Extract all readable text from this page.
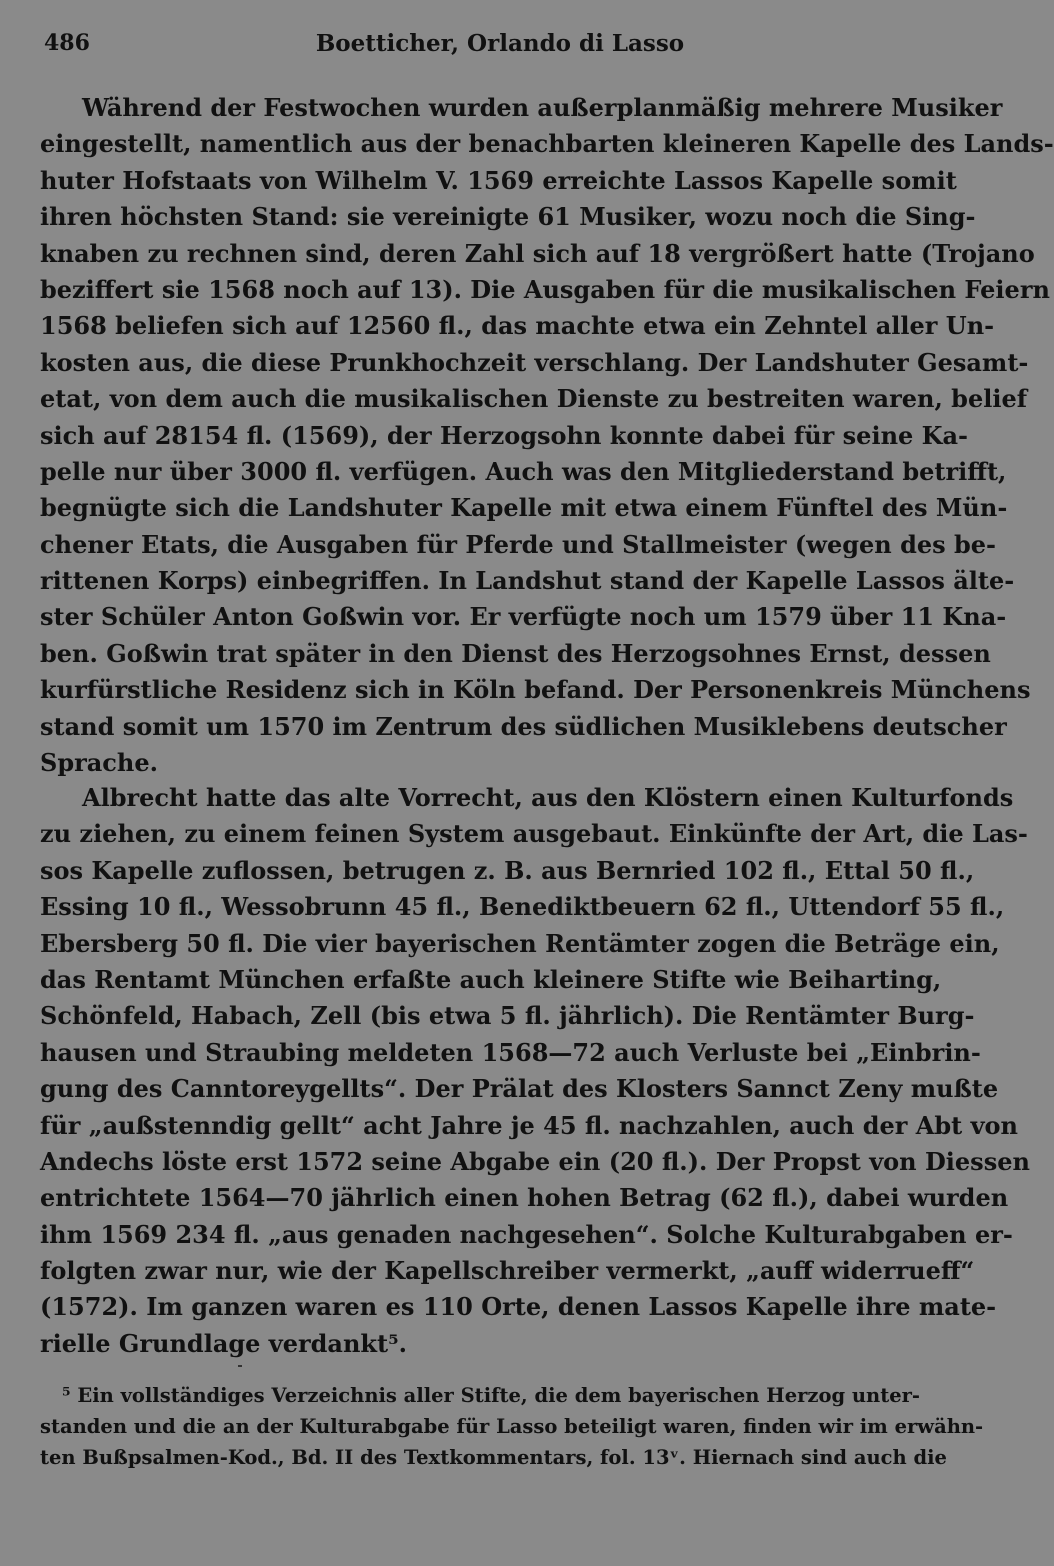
486	Boetticher, Orlando di Lasso
Während der Festwochen wurden außerplanmäßig mehrere Musiker
eingestellt, namentlich aus der benachbarten kleineren Kapelle des Lands-
huter Hofstaats von Wilhelm V. 1569 erreichte Lassos Kapelle somit
ihren höchsten Stand: sie vereinigte 61 Musiker, wozu noch die Sing-
knaben zu rechnen sind, deren Zahl sich auf 18 vergrößert hatte (Trojano
beziffert sie 1568 noch auf 13). Die Ausgaben für die musikalischen Feiern
1568 beliefen sich auf 12560 fl., das machte etwa ein Zehntel aller Un-
kosten aus, die diese Prunkhochzeit verschlang. Der Landshuter Gesamt-
etat, von dem auch die musikalischen Dienste zu bestreiten waren, belief
sich auf 28154 fl. (1569), der Herzogsohn konnte dabei für seine Ka-
pelle nur über 3000 fl. verfügen. Auch was den Mitgliederstand betrifft,
begnügte sich die Landshuter Kapelle mit etwa einem Fünftel des Mün-
chener Etats, die Ausgaben für Pferde und Stallmeister (wegen des be-
rittenen Korps) einbegriffen. In Landshut stand der Kapelle Lassos älte-
ster Schüler Anton Goßwin vor. Er verfügte noch um 1579 über 11 Kna-
ben. Goßwin trat später in den Dienst des Herzogsohnes Ernst, dessen
kurfürstliche Residenz sich in Köln befand. Der Personenkreis Münchens
stand somit um 1570 im Zentrum des südlichen Musiklebens deutscher
Sprache.
Albrecht hatte das alte Vorrecht, aus den Klöstern einen Kulturfonds
zu ziehen, zu einem feinen System ausgebaut. Einkünfte der Art, die Las-
sos Kapelle zuflossen, betrugen z. B. aus Bernried 102 fl., Ettal 50 fl.,
Essing 10 fl., Wessobrunn 45 fl., Benediktbeuern 62 fl., Uttendorf 55 fl.,
Ebersberg 50 fl. Die vier bayerischen Rentämter zogen die Beträge ein,
das Rentamt München erfaßte auch kleinere Stifte wie Beiharting,
Schönfeld, Habach, Zell (bis etwa 5 fl. jährlich). Die Rentämter Burg-
hausen und Straubing meldeten 1568—72 auch Verluste bei „Einbrin-
gung des Canntoreygellts“. Der Prälat des Klosters Sannct Zeny mußte
für „außstenndig gellt“ acht Jahre je 45 fl. nachzahlen, auch der Abt von
Andechs löste erst 1572 seine Abgabe ein (20 fl.). Der Propst von Diessen
entrichtete 1564—70 jährlich einen hohen Betrag (62 fl.), dabei wurden
ihm 1569 234 fl. „aus genaden nachgesehen“. Solche Kulturabgaben er-
folgten zwar nur, wie der Kapellschreiber vermerkt, „auff widerrueff“
(1572). Im ganzen waren es 110 Orte, denen Lassos Kapelle ihre mate-
rielle Grundlage verdankt⁵.
⁵ Ein vollständiges Verzeichnis aller Stifte, die dem bayerischen Herzog unter-
standen und die an der Kulturabgabe für Lasso beteiligt waren, finden wir im erwähn-
ten Bußpsalmen-Kod., Bd. II des Textkommentars, fol. 13ᵛ. Hiernach sind auch die
